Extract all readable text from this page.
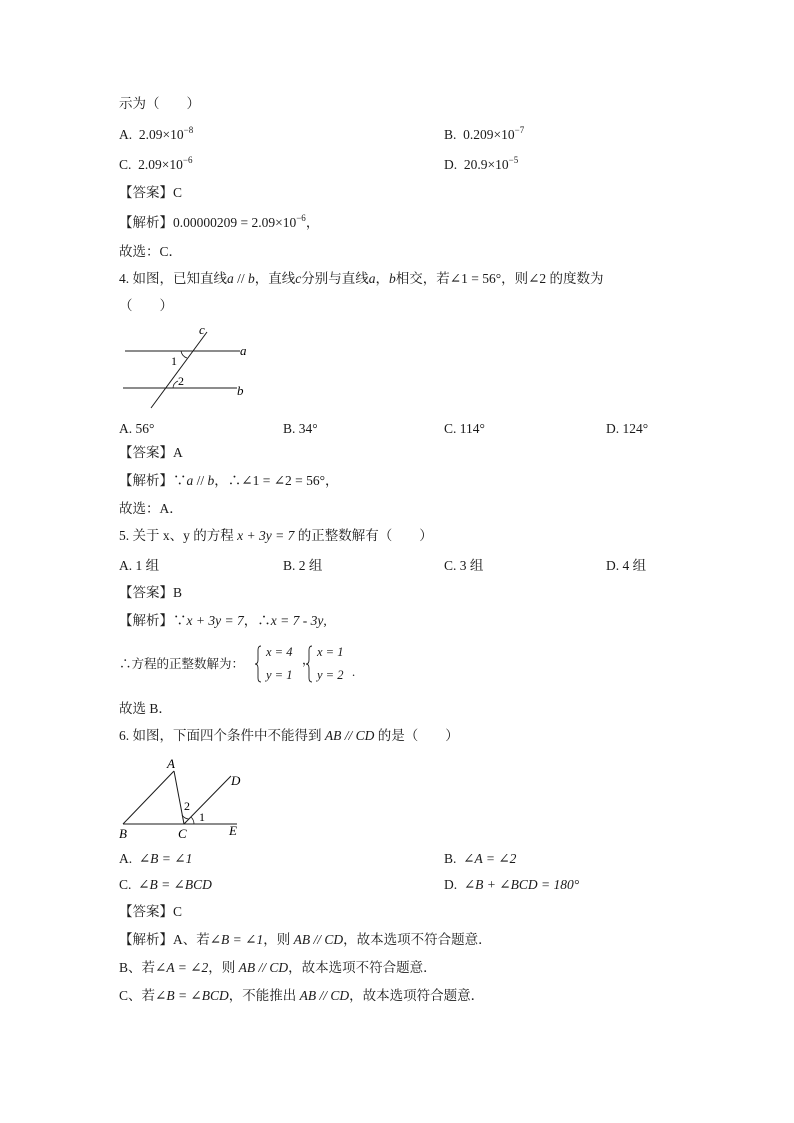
示为（　　）
A. $2.09\times 10^{-8}$	B. $0.209\times 10^{-7}$
C. $2.09\times 10^{-6}$	D. $20.9\times 10^{-5}$
【答案】C
【解析】$0.00000209 = 2.09\times 10^{-6}$，
故选：C．
4. 如图，已知直线a // b，直线c分别与直线a，b相交，若∠1 = 56°，则∠2 的度数为
（　　）
c
a
b
1
2
A. 56°	B. 34°	C. 114°	D. 124°
【答案】A
【解析】∵a // b，∴∠1 = ∠2 = 56°，
故选：A．
5. 关于 x、y 的方程 x + 3y = 7 的正整数解有（　　）
A. 1 组	B. 2 组	C. 3 组	D. 4 组
【答案】B
【解析】∵x + 3y = 7，∴x = 7 - 3y,
∴方程的正整数解为：
x = 4
y = 1
，
x = 1
y = 2 .
故选 B．
6. 如图，下面四个条件中不能得到 AB // CD 的是（　　）
A
B	C
D
E
1
2
A. ∠B = ∠1	B. ∠A = ∠2
C. ∠B = ∠BCD	D. ∠B + ∠BCD = 180°
【答案】C
【解析】A、若∠B = ∠1，则 AB // CD，故本选项不符合题意．
B、若∠A = ∠2，则 AB // CD，故本选项不符合题意．
C、若∠B = ∠BCD，不能推出 AB // CD，故本选项符合题意．
